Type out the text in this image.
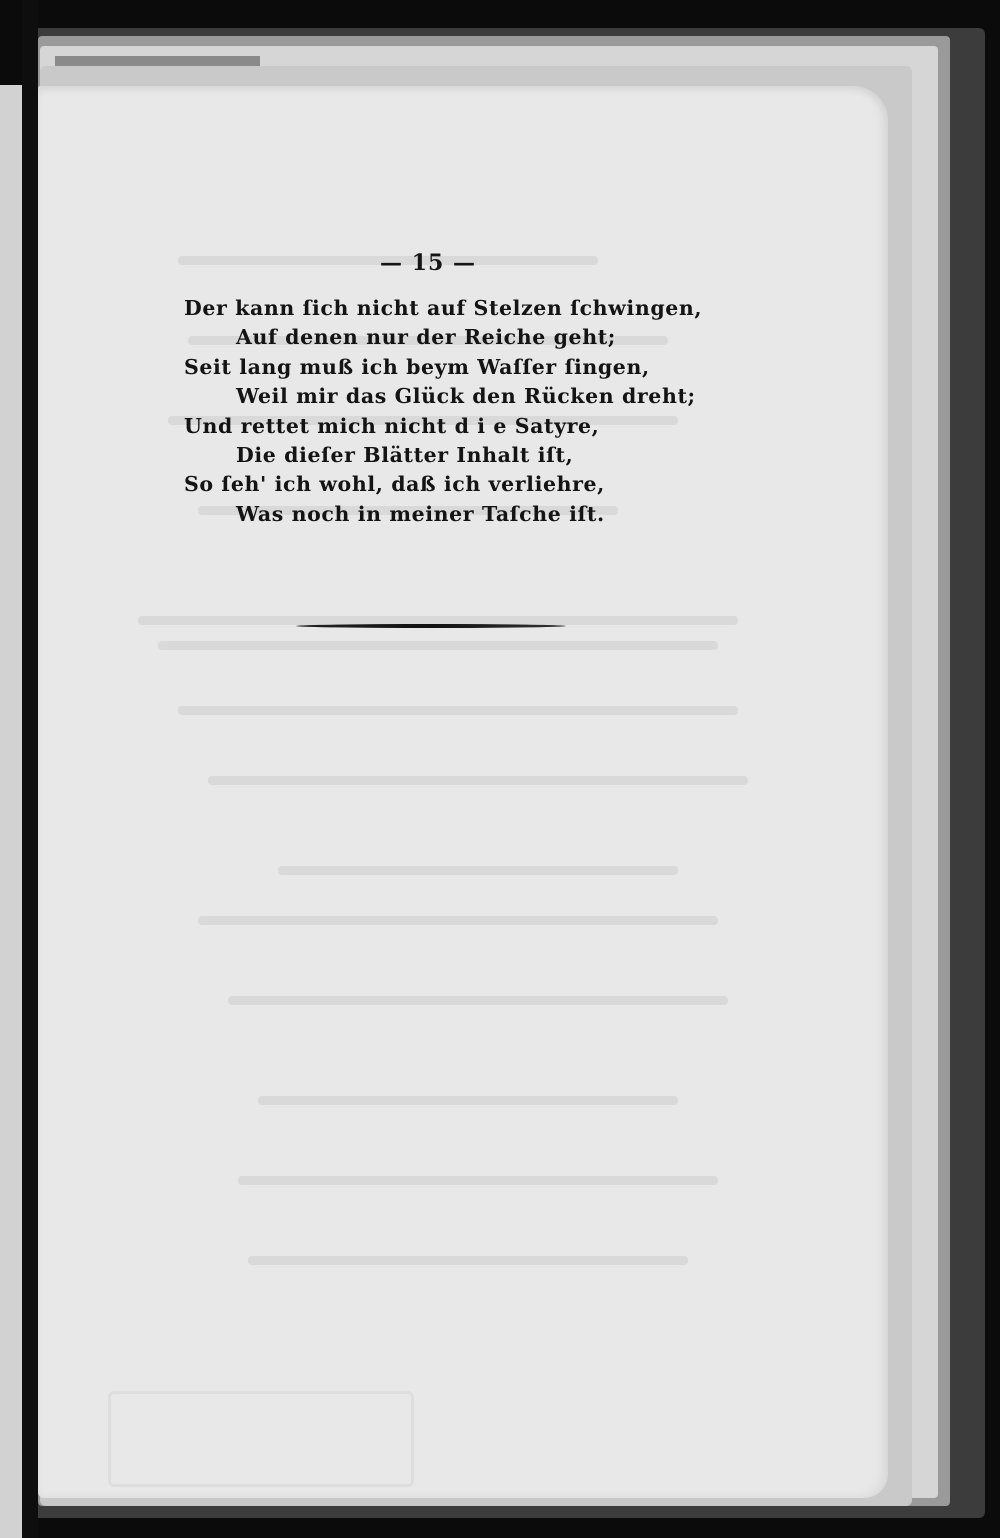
— 15 —
Der kann ſich nicht auf Stelzen ſchwingen,
Auf denen nur der Reiche geht;
Seit lang muß ich beym Waſſer ſingen,
Weil mir das Glück den Rücken dreht;
Und rettet mich nicht d i e Satyre,
Die dieſer Blätter Inhalt iſt,
So ſeh' ich wohl, daß ich verliehre,
Was noch in meiner Taſche iſt.
